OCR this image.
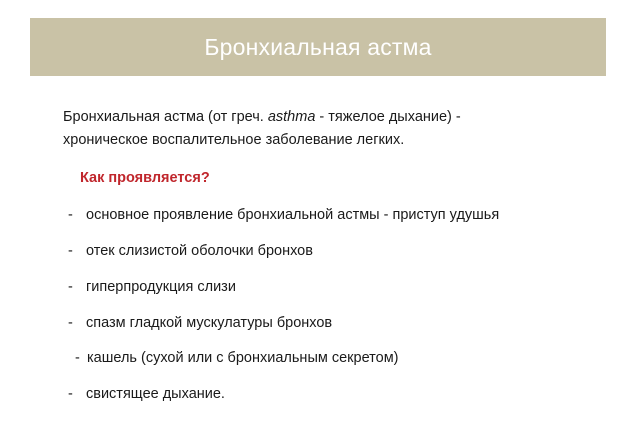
Бронхиальная астма
Бронхиальная астма (от греч. asthma - тяжелое дыхание) -
хроническое воспалительное заболевание легких.
Как проявляется?
- основное проявление бронхиальной астмы - приступ удушья
- отек слизистой оболочки бронхов
- гиперпродукция слизи
- спазм гладкой мускулатуры бронхов
- кашель (сухой или с бронхиальным секретом)
- свистящее дыхание.
